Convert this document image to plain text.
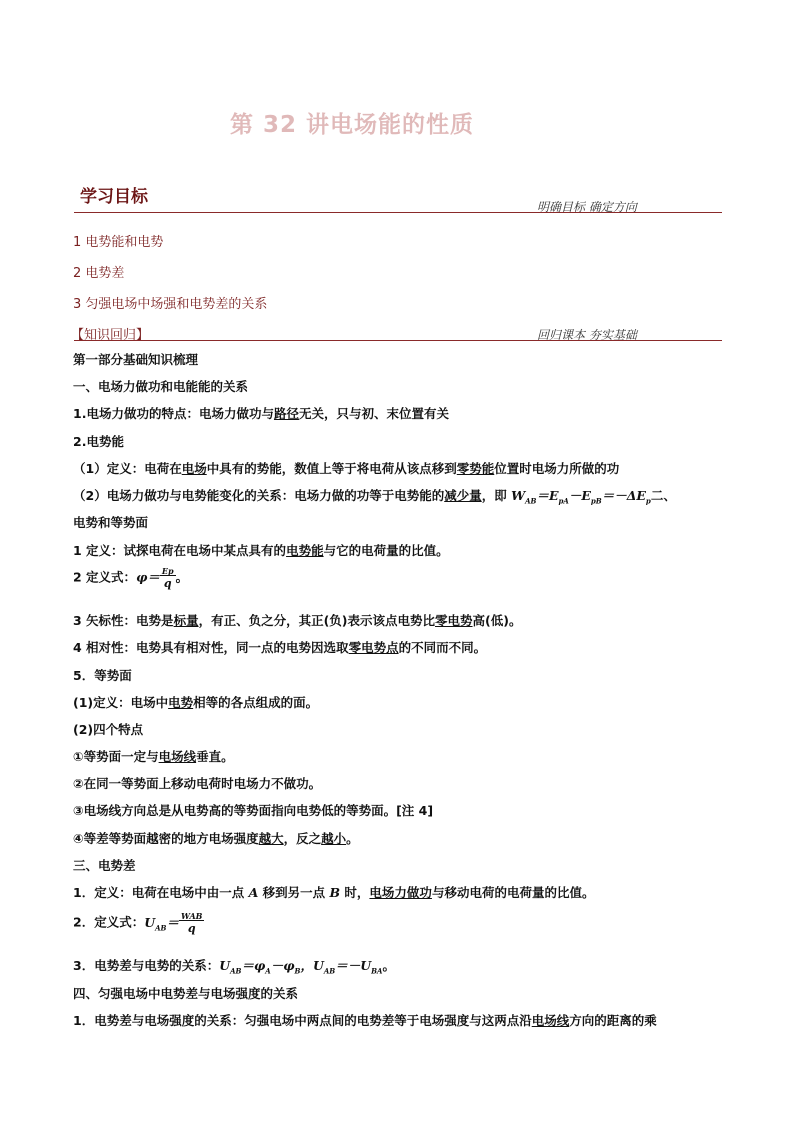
第 32 讲电场能的性质
学习目标	明确目标 确定方向
1 电势能和电势
2 电势差
3 匀强电场中场强和电势差的关系
【知识回归】	回归课本 夯实基础
第一部分基础知识梳理
一、电场力做功和电能能的关系
1.电场力做功的特点：电场力做功与路径无关，只与初、末位置有关
2.电势能
（1）定义：电荷在电场中具有的势能，数值上等于将电荷从该点移到零势能位置时电场力所做的功
（2）电场力做功与电势能变化的关系：电场力做的功等于电势能的减少量，即 $W_{AB}=E_{pA}-E_{pB}=-\Delta E_p$二、
电势和等势面
1 定义：试探电荷在电场中某点具有的电势能与它的电荷量的比值。
2 定义式：$\varphi= \frac{Ep}{q}$ 。
3 矢标性：电势是标量，有正、负之分，其正(负)表示该点电势比零电势高(低)。
4 相对性：电势具有相对性，同一点的电势因选取零电势点的不同而不同。
5．等势面
(1)定义：电场中电势相等的各点组成的面。
(2)四个特点
①等势面一定与电场线垂直。
②在同一等势面上移动电荷时电场力不做功。
③电场线方向总是从电势高的等势面指向电势低的等势面。[注 4]
④等差等势面越密的地方电场强度越大，反之越小。
三、电势差
1．定义：电荷在电场中由一点 A 移到另一点 B 时，电场力做功与移动电荷的电荷量的比值。
2．定义式：$U_{AB}= \frac{\text{WAB}}{q}$
3．电势差与电势的关系：$U_{AB}=\varphi_A-\varphi_B$，$U_{AB}=-U_{BA}$。
四、匀强电场中电势差与电场强度的关系
1．电势差与电场强度的关系：匀强电场中两点间的电势差等于电场强度与这两点沿电场线方向的距离的乘
